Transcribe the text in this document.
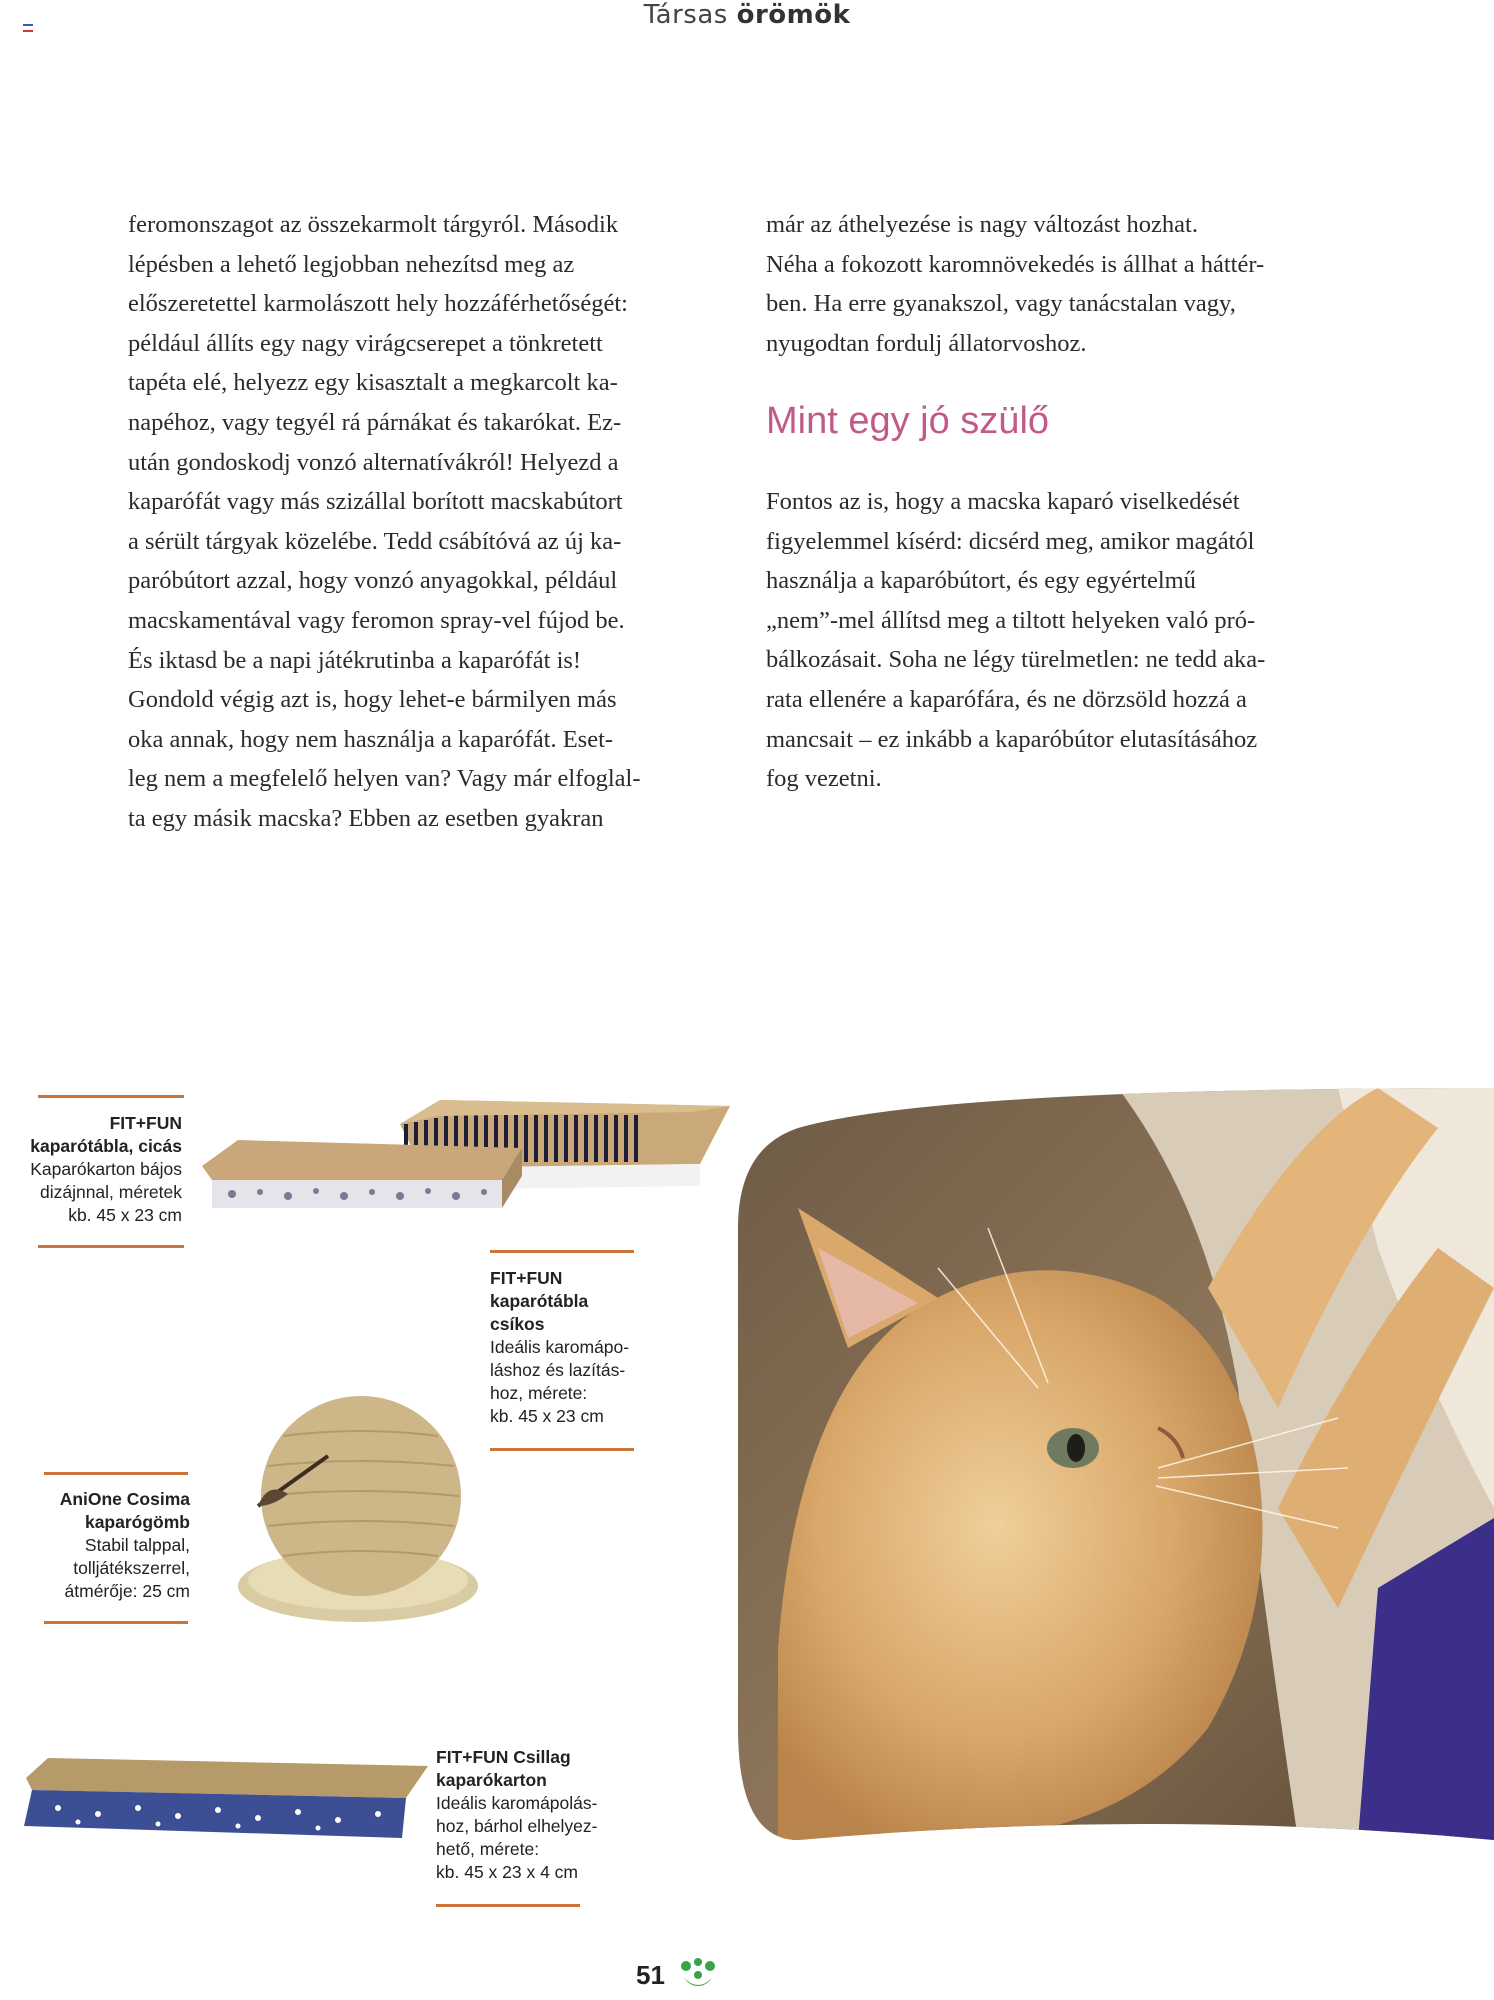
Társas örömök

feromonszagot az összekarmolt tárgyról. Második

lépésben a lehető legjobban nehezítsd meg az

előszeretettel karmolászott hely hozzáférhetőségét:

például állíts egy nagy virágcserepet a tönkretett

tapéta elé, helyezz egy kisasztalt a megkarcolt ka-

napéhoz, vagy tegyél rá párnákat és takarókat. Ez-

után gondoskodj vonzó alternatívákról! Helyezd a

kaparófát vagy más szizállal borított macskabútort

a sérült tárgyak közelébe. Tedd csábítóvá az új ka-

paróbútort azzal, hogy vonzó anyagokkal, például

macskamentával vagy feromon spray-vel fújod be.

És iktasd be a napi játékrutinba a kaparófát is!

Gondold végig azt is, hogy lehet-e bármilyen más

oka annak, hogy nem használja a kaparófát. Eset-

leg nem a megfelelő helyen van? Vagy már elfoglal-

ta egy másik macska? Ebben az esetben gyakran

már az áthelyezése is nagy változást hozhat.

Néha a fokozott karomnövekedés is állhat a háttér-

ben. Ha erre gyanakszol, vagy tanácstalan vagy,

nyugodtan fordulj állatorvoshoz.

Mint egy jó szülő

Fontos az is, hogy a macska kaparó viselkedését

figyelemmel kísérd: dicsérd meg, amikor magától

használja a kaparóbútort, és egy egyértelmű

„nem”-mel állítsd meg a tiltott helyeken való pró-

bálkozásait. Soha ne légy türelmetlen: ne tedd aka-

rata ellenére a kaparófára, és ne dörzsöld hozzá a

mancsait – ez inkább a kaparóbútor elutasításához

fog vezetni.

FIT+FUN
kaparótábla, cicás
Kaparókarton bájos
dizájnnal, méretek
kb. 45 x 23 cm
FIT+FUN
kaparótábla
csíkos
Ideális karomápo-
láshoz és lazítás-
hoz, mérete:
kb. 45 x 23 cm
AniOne Cosima
kaparógömb
Stabil talppal,
tolljátékszerrel,
átmérője: 25 cm
FIT+FUN Csillag
kaparókarton
Ideális karomápolás-
hoz, bárhol elhelyez-
hető, mérete:
kb. 45 x 23 x 4 cm
51
